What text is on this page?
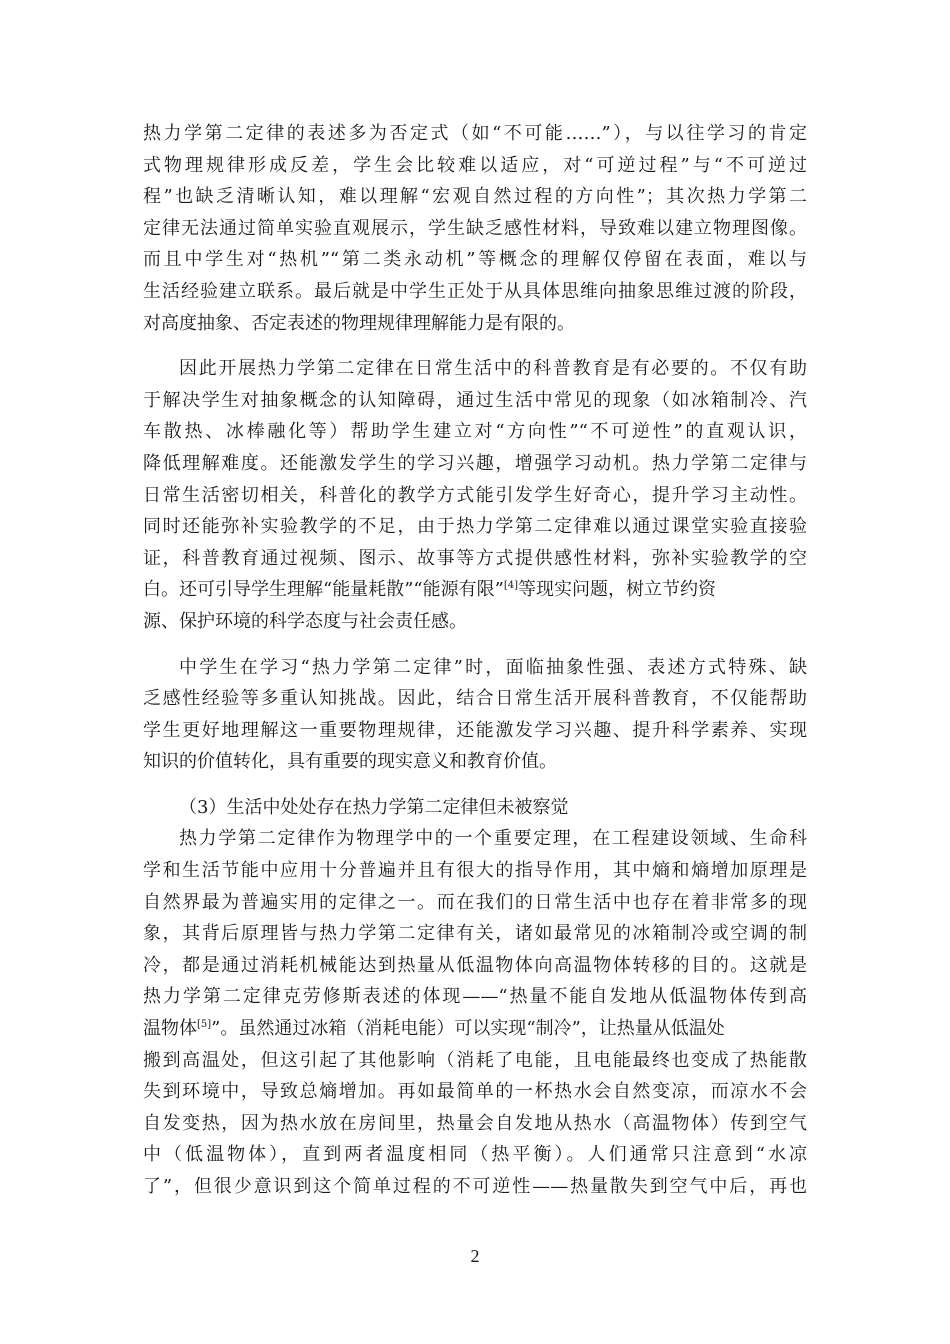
热力学第二定律的表述多为否定式（如“不可能……”），与以往学习的肯定
式物理规律形成反差，学生会比较难以适应，对“可逆过程”与“不可逆过
程”也缺乏清晰认知，难以理解“宏观自然过程的方向性”；其次热力学第二
定律无法通过简单实验直观展示，学生缺乏感性材料，导致难以建立物理图像。
而且中学生对“热机”“第二类永动机”等概念的理解仅停留在表面，难以与
生活经验建立联系。最后就是中学生正处于从具体思维向抽象思维过渡的阶段，
对高度抽象、否定表述的物理规律理解能力是有限的。
因此开展热力学第二定律在日常生活中的科普教育是有必要的。不仅有助
于解决学生对抽象概念的认知障碍，通过生活中常见的现象（如冰箱制冷、汽
车散热、冰棒融化等）帮助学生建立对“方向性”“不可逆性”的直观认识，
降低理解难度。还能激发学生的学习兴趣，增强学习动机。热力学第二定律与
日常生活密切相关，科普化的教学方式能引发学生好奇心，提升学习主动性。
同时还能弥补实验教学的不足，由于热力学第二定律难以通过课堂实验直接验
证，科普教育通过视频、图示、故事等方式提供感性材料，弥补实验教学的空
白。还可引导学生理解“能量耗散”“能源有限”[4]等现实问题，树立节约资
源、保护环境的科学态度与社会责任感。
中学生在学习“热力学第二定律”时，面临抽象性强、表述方式特殊、缺
乏感性经验等多重认知挑战。因此，结合日常生活开展科普教育，不仅能帮助
学生更好地理解这一重要物理规律，还能激发学习兴趣、提升科学素养、实现
知识的价值转化，具有重要的现实意义和教育价值。
（3）生活中处处存在热力学第二定律但未被察觉
热力学第二定律作为物理学中的一个重要定理，在工程建设领域、生命科
学和生活节能中应用十分普遍并且有很大的指导作用，其中熵和熵增加原理是
自然界最为普遍实用的定律之一。而在我们的日常生活中也存在着非常多的现
象，其背后原理皆与热力学第二定律有关，诸如最常见的冰箱制冷或空调的制
冷，都是通过消耗机械能达到热量从低温物体向高温物体转移的目的。这就是
热力学第二定律克劳修斯表述的体现——“热量不能自发地从低温物体传到高
温物体[5]”。虽然通过冰箱（消耗电能）可以实现“制冷”，让热量从低温处
搬到高温处，但这引起了其他影响（消耗了电能，且电能最终也变成了热能散
失到环境中，导致总熵增加。再如最简单的一杯热水会自然变凉，而凉水不会
自发变热，因为热水放在房间里，热量会自发地从热水（高温物体）传到空气
中（低温物体），直到两者温度相同（热平衡）。人们通常只注意到“水凉
了”，但很少意识到这个简单过程的不可逆性——热量散失到空气中后，再也
2
